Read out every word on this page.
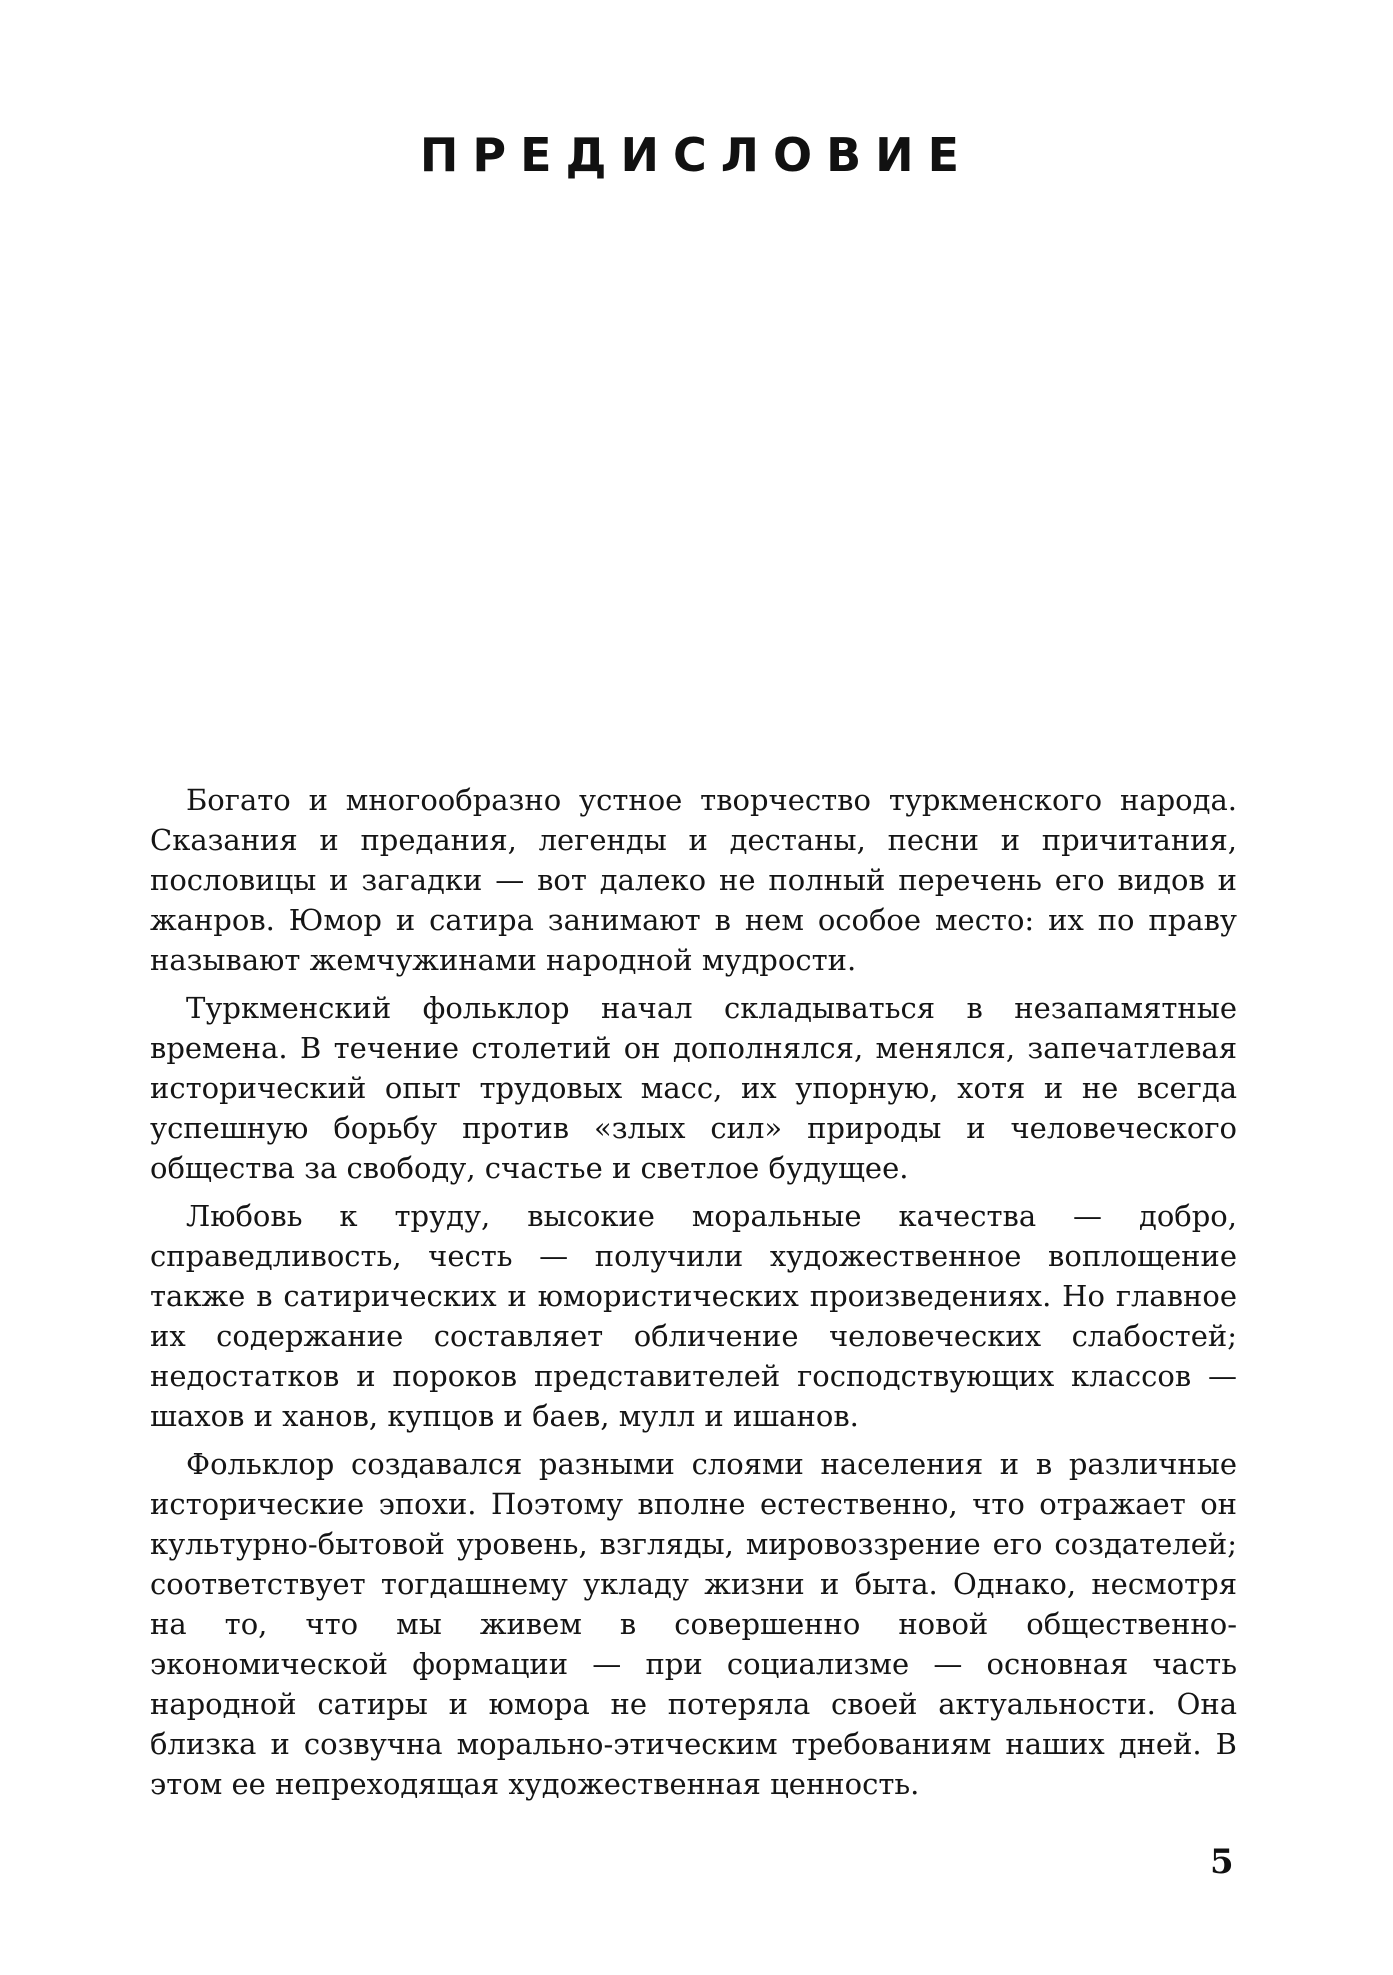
ПРЕДИСЛОВИЕ

Богато и многообразно устное творчество туркменского народа. Сказания и предания, легенды и дестаны, песни и причитания, пословицы и загадки — вот далеко не полный перечень его видов и жанров. Юмор и сатира занимают в нем особое место: их по праву называют жемчужинами народной мудрости.

Туркменский фольклор начал складываться в незапамятные времена. В течение столетий он дополнялся, менялся, запечатлевая исторический опыт трудовых масс, их упорную, хотя и не всегда успешную борьбу против «злых сил» природы и человеческого общества за свободу, счастье и светлое будущее.

Любовь к труду, высокие моральные качества — добро, справедливость, честь — получили художественное воплощение также в сатирических и юмористических произведениях. Но главное их содержание составляет обличение человеческих слабостей; недостатков и пороков представителей господствующих классов — шахов и ханов, купцов и баев, мулл и ишанов.

Фольклор создавался разными слоями населения и в различные исторические эпохи. Поэтому вполне естественно, что отражает он культурно-бытовой уровень, взгляды, мировоззрение его создателей; соответствует тогдашнему укладу жизни и быта. Однако, несмотря на то, что мы живем в совершенно новой общественно-экономической формации — при социализме — основная часть народной сатиры и юмора не потеряла своей актуальности. Она близка и созвучна морально-этическим требованиям наших дней. В этом ее непреходящая художественная ценность.

5
